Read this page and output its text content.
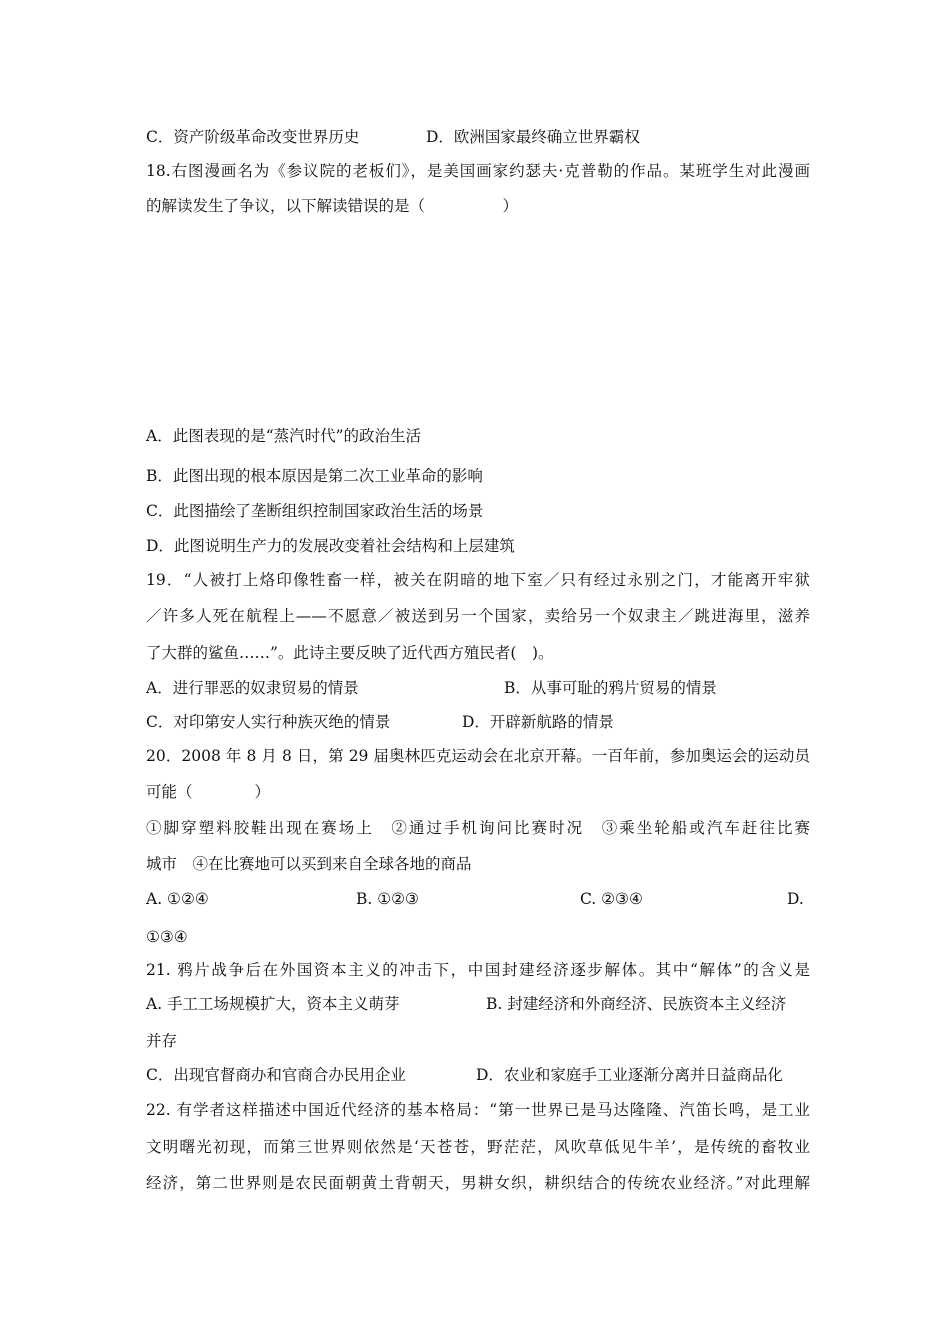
C．资产阶级革命改变世界历史	D．欧洲国家最终确立世界霸权
18.右图漫画名为《参议院的老板们》，是美国画家约瑟夫·克普勒的作品。某班学生对此漫画
的解读发生了争议，以下解读错误的是（　　　　　）
A．此图表现的是“蒸汽时代”的政治生活
B．此图出现的根本原因是第二次工业革命的影响
C．此图描绘了垄断组织控制国家政治生活的场景
D．此图说明生产力的发展改变着社会结构和上层建筑
19．“人被打上烙印像牲畜一样，被关在阴暗的地下室／只有经过永别之门，才能离开牢狱
／许多人死在航程上——不愿意／被送到另一个国家，卖给另一个奴隶主／跳进海里，滋养
了大群的鲨鱼……”。此诗主要反映了近代西方殖民者(　)。
A．进行罪恶的奴隶贸易的情景	B．从事可耻的鸦片贸易的情景
C．对印第安人实行种族灭绝的情景	D．开辟新航路的情景
20．2008 年 8 月 8 日，第 29 届奥林匹克运动会在北京开幕。一百年前，参加奥运会的运动员
可能（　　　　）
①脚穿塑料胶鞋出现在赛场上　②通过手机询问比赛时况　③乘坐轮船或汽车赶往比赛
城市　④在比赛地可以买到来自全球各地的商品
A. ①②④	B. ①②③	C. ②③④	D.
①③④
21. 鸦片战争后在外国资本主义的冲击下，中国封建经济逐步解体。其中“解体”的含义是
A. 手工工场规模扩大，资本主义萌芽	B. 封建经济和外商经济、民族资本主义经济
并存
C．出现官督商办和官商合办民用企业	D．农业和家庭手工业逐渐分离并日益商品化
22. 有学者这样描述中国近代经济的基本格局：“第一世界已是马达隆隆、汽笛长鸣，是工业
文明曙光初现，而第三世界则依然是‘天苍苍，野茫茫，风吹草低见牛羊’，是传统的畜牧业
经济，第二世界则是农民面朝黄土背朝天，男耕女织，耕织结合的传统农业经济。”对此理解
